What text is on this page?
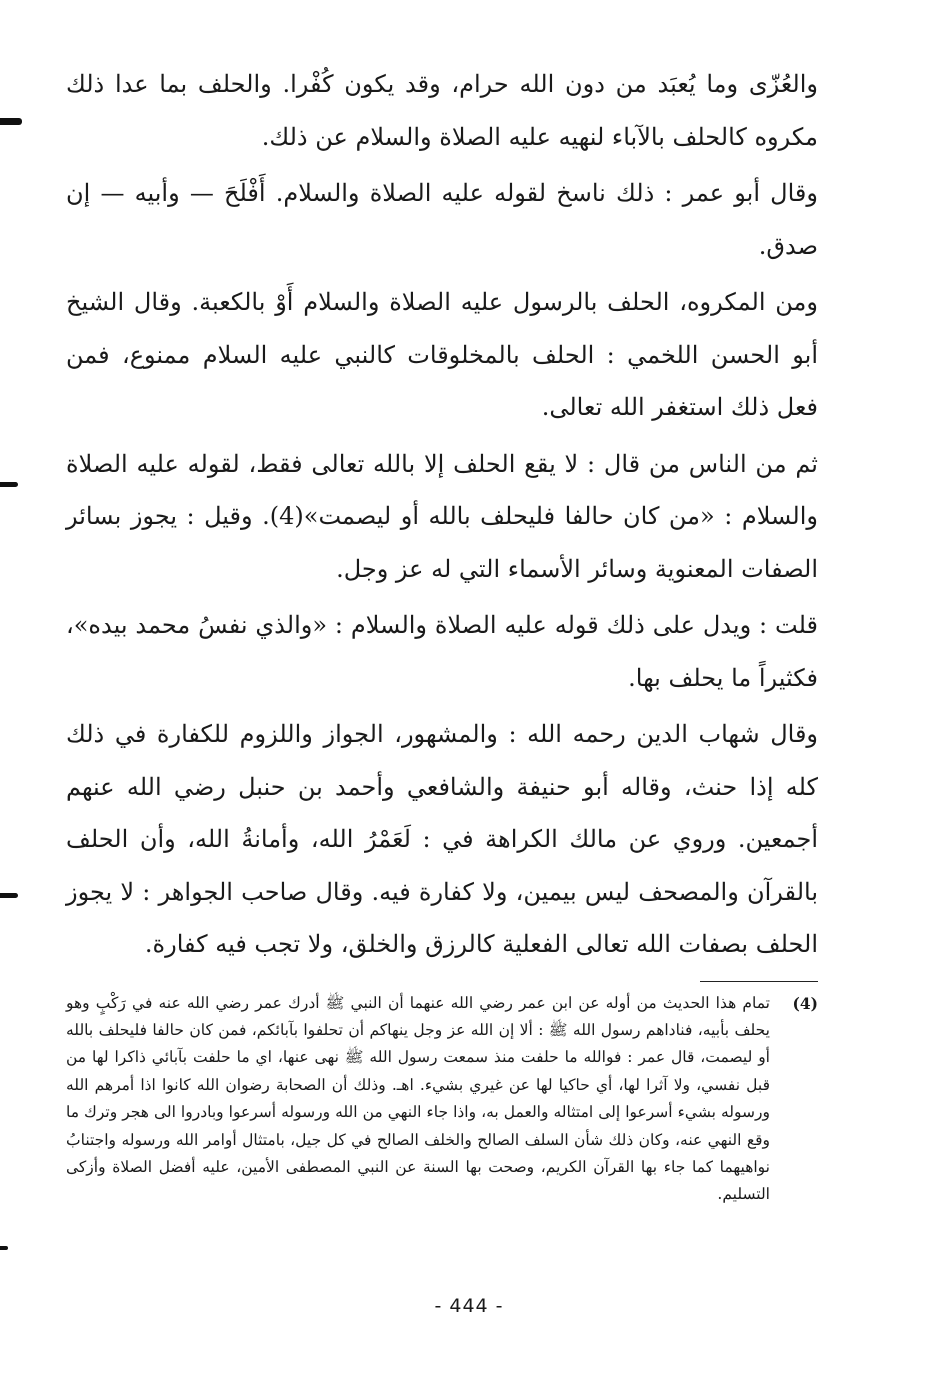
والعُزّى وما يُعبَد من دون الله حرام، وقد يكون كُفْرا. والحلف بما عدا ذلك مكروه كالحلف بالآباء لنهيه عليه الصلاة والسلام عن ذلك.

وقال أبو عمر : ذلك ناسخ لقوله عليه الصلاة والسلام. أَفْلَحَ — وأبيه — إن صدق.

ومن المكروه، الحلف بالرسول عليه الصلاة والسلام أَوْ بالكعبة. وقال الشيخ أبو الحسن اللخمي : الحلف بالمخلوقات كالنبي عليه السلام ممنوع، فمن فعل ذلك استغفر الله تعالى.

ثم من الناس من قال : لا يقع الحلف إلا بالله تعالى فقط، لقوله عليه الصلاة والسلام : «من كان حالفا فليحلف بالله أو ليصمت»(4). وقيل : يجوز بسائر الصفات المعنوية وسائر الأسماء التي له عز وجل.

قلت : ويدل على ذلك قوله عليه الصلاة والسلام : «والذي نفسُ محمد بيده»، فكثيراً ما يحلف بها.

وقال شهاب الدين رحمه الله : والمشهور، الجواز واللزوم للكفارة في ذلك كله إذا حنث، وقاله أبو حنيفة والشافعي وأحمد بن حنبل رضي الله عنهم أجمعين. وروي عن مالك الكراهة في : لَعَمْرُ الله، وأمانةُ الله، وأن الحلف بالقرآن والمصحف ليس بيمين، ولا كفارة فيه. وقال صاحب الجواهر : لا يجوز الحلف بصفات الله تعالى الفعلية كالرزق والخلق، ولا تجب فيه كفارة.

(4)

تمام هذا الحديث من أوله عن ابن عمر رضي الله عنهما أن النبي ﷺ أدرك عمر رضي الله عنه في رَكْبٍ وهو يحلف بأبيه، فناداهم رسول الله ﷺ : ألا إن الله عز وجل ينهاكم أن تحلفوا بآبائكم، فمن كان حالفا فليحلف بالله أو ليصمت، قال عمر : فوالله ما حلفت منذ سمعت رسول الله ﷺ نهى عنها، اي ما حلفت بآبائي ذاكرا لها من قبل نفسي، ولا آثرا لها، أي حاكيا لها عن غيري بشيء. اهـ. وذلك أن الصحابة رضوان الله كانوا اذا أمرهم الله ورسوله بشيء أسرعوا إلى امتثاله والعمل به، واذا جاء النهي من الله ورسوله أسرعوا وبادروا الى هجر وترك ما وقع النهي عنه، وكان ذلك شأن السلف الصالح والخلف الصالح في كل جيل، بامتثال أوامر الله ورسوله واجتنابُ نواهيهما كما جاء بها القرآن الكريم، وصحت بها السنة عن النبي المصطفى الأمين، عليه أفضل الصلاة وأزكى التسليم.

- 444 -
